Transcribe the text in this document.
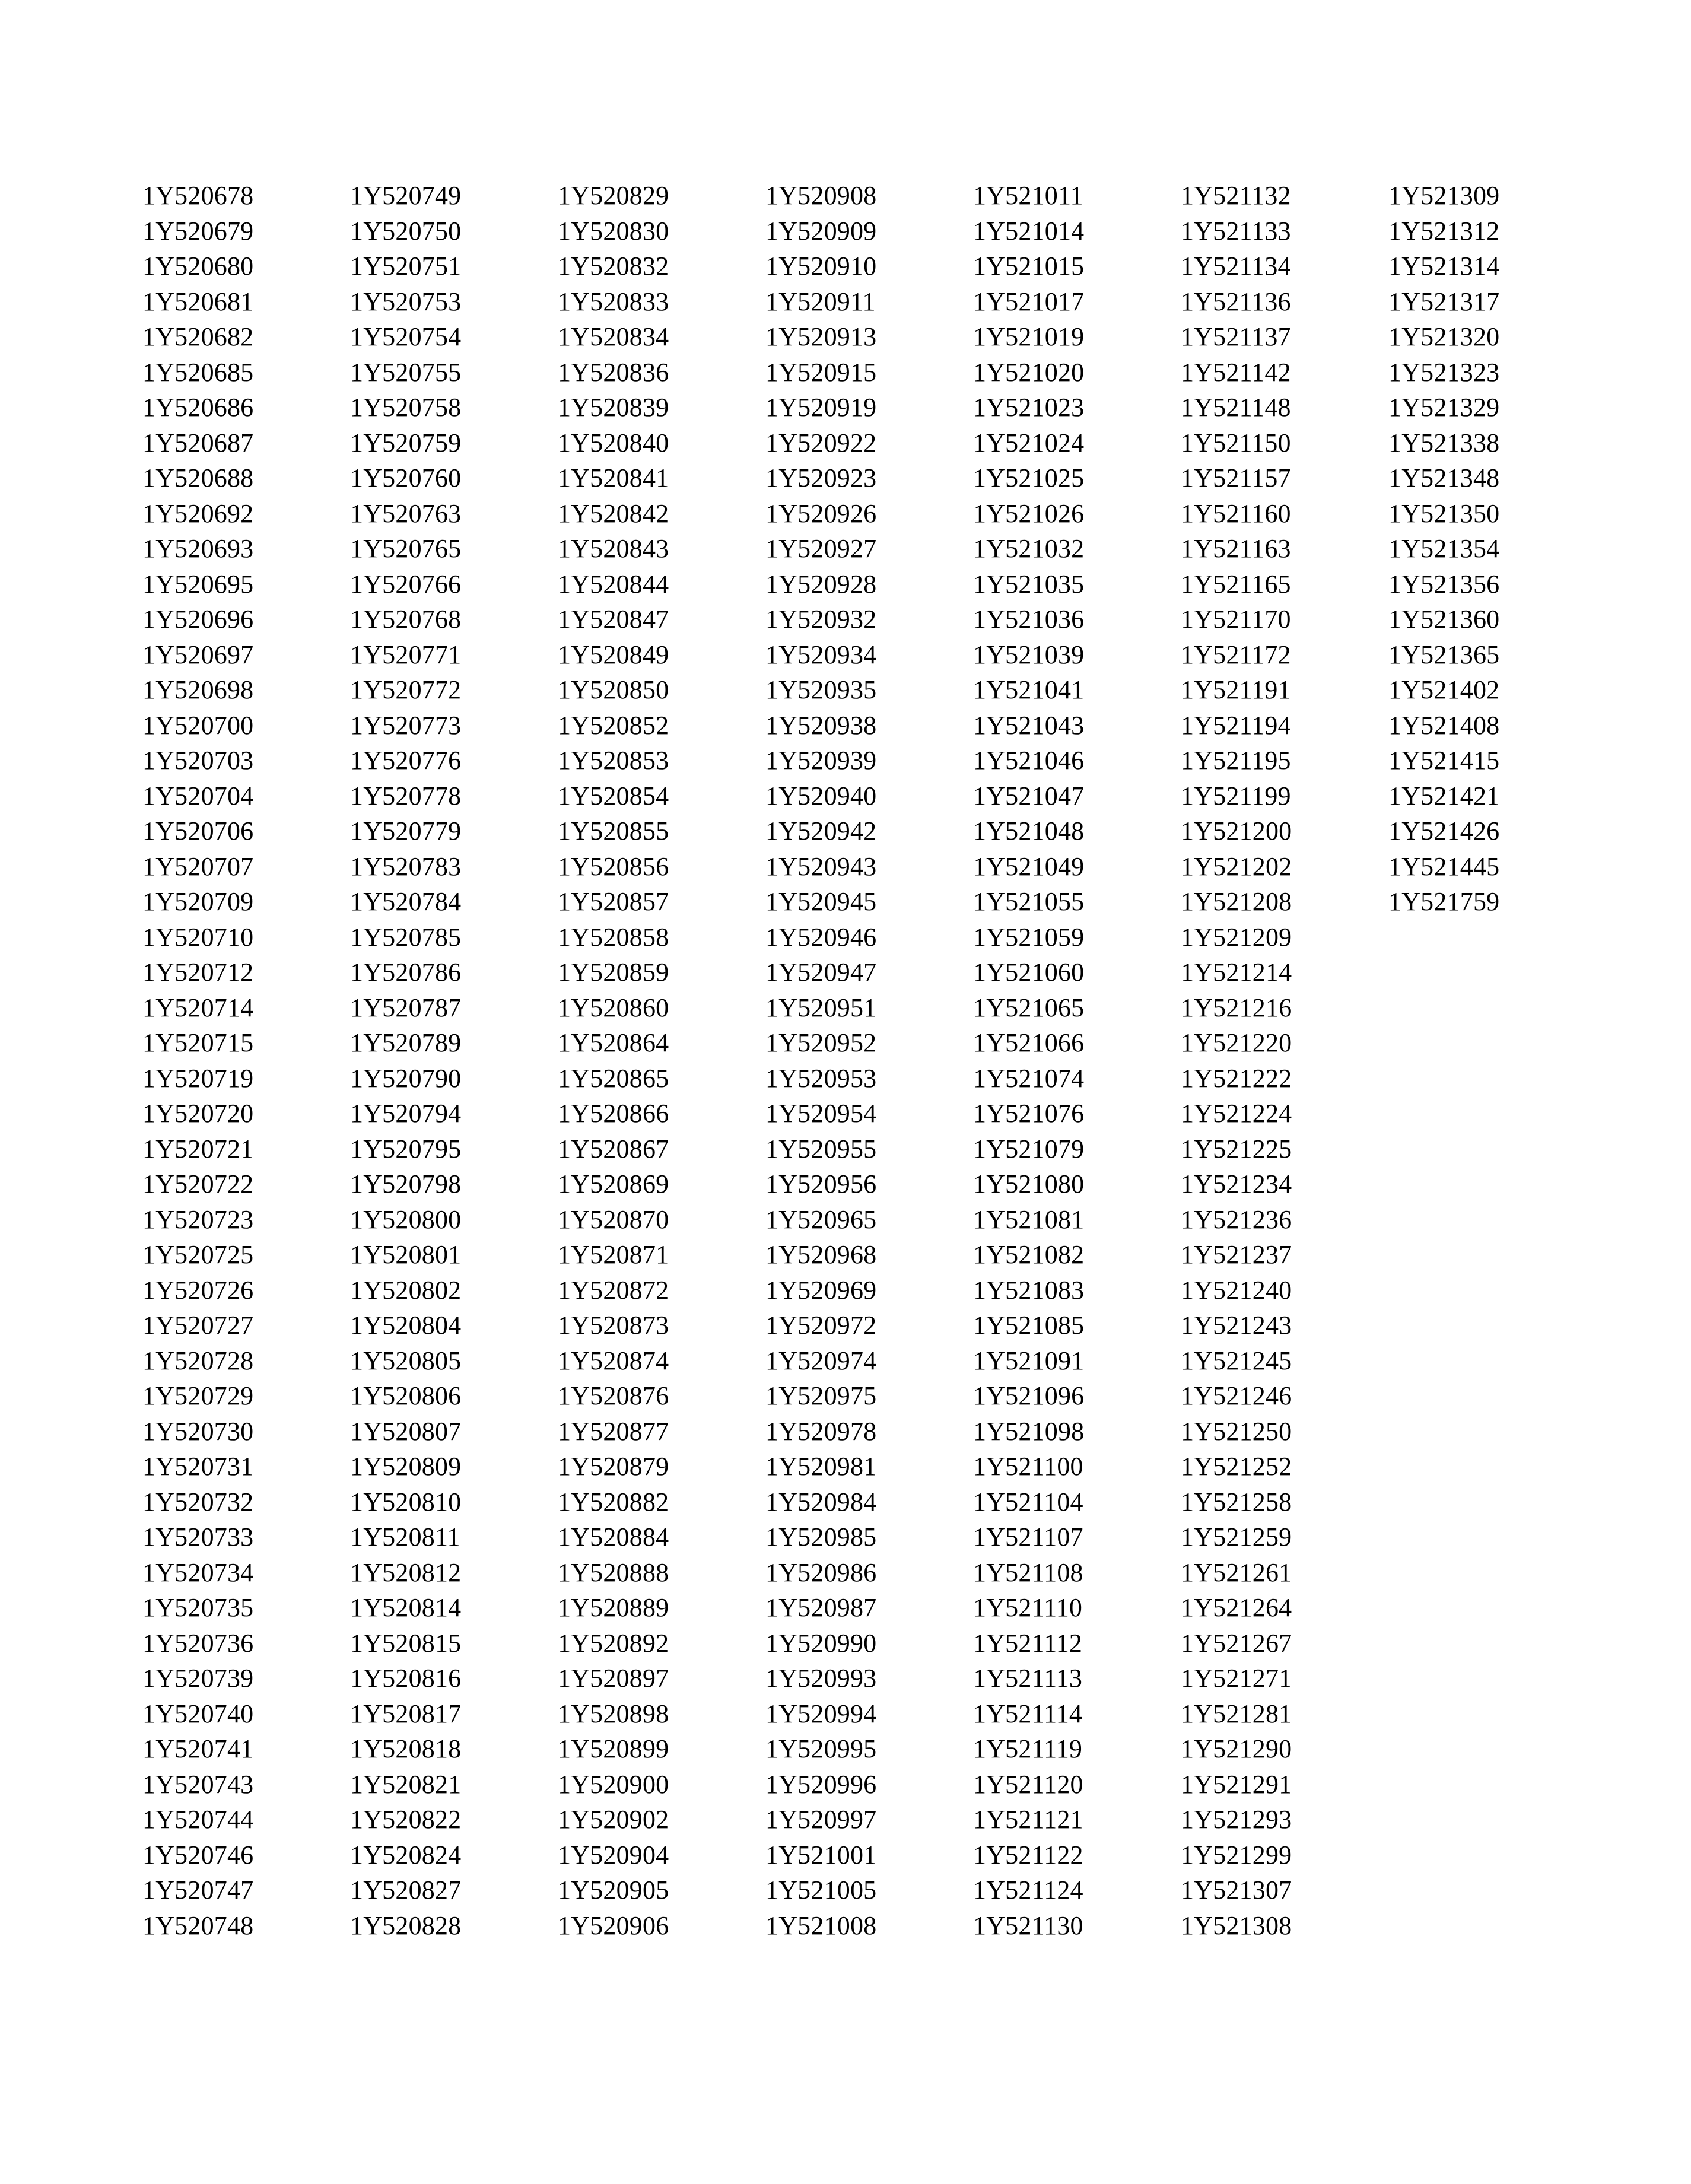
1Y520678
1Y520679
1Y520680
1Y520681
1Y520682
1Y520685
1Y520686
1Y520687
1Y520688
1Y520692
1Y520693
1Y520695
1Y520696
1Y520697
1Y520698
1Y520700
1Y520703
1Y520704
1Y520706
1Y520707
1Y520709
1Y520710
1Y520712
1Y520714
1Y520715
1Y520719
1Y520720
1Y520721
1Y520722
1Y520723
1Y520725
1Y520726
1Y520727
1Y520728
1Y520729
1Y520730
1Y520731
1Y520732
1Y520733
1Y520734
1Y520735
1Y520736
1Y520739
1Y520740
1Y520741
1Y520743
1Y520744
1Y520746
1Y520747
1Y520748
1Y520749
1Y520750
1Y520751
1Y520753
1Y520754
1Y520755
1Y520758
1Y520759
1Y520760
1Y520763
1Y520765
1Y520766
1Y520768
1Y520771
1Y520772
1Y520773
1Y520776
1Y520778
1Y520779
1Y520783
1Y520784
1Y520785
1Y520786
1Y520787
1Y520789
1Y520790
1Y520794
1Y520795
1Y520798
1Y520800
1Y520801
1Y520802
1Y520804
1Y520805
1Y520806
1Y520807
1Y520809
1Y520810
1Y520811
1Y520812
1Y520814
1Y520815
1Y520816
1Y520817
1Y520818
1Y520821
1Y520822
1Y520824
1Y520827
1Y520828
1Y520829
1Y520830
1Y520832
1Y520833
1Y520834
1Y520836
1Y520839
1Y520840
1Y520841
1Y520842
1Y520843
1Y520844
1Y520847
1Y520849
1Y520850
1Y520852
1Y520853
1Y520854
1Y520855
1Y520856
1Y520857
1Y520858
1Y520859
1Y520860
1Y520864
1Y520865
1Y520866
1Y520867
1Y520869
1Y520870
1Y520871
1Y520872
1Y520873
1Y520874
1Y520876
1Y520877
1Y520879
1Y520882
1Y520884
1Y520888
1Y520889
1Y520892
1Y520897
1Y520898
1Y520899
1Y520900
1Y520902
1Y520904
1Y520905
1Y520906
1Y520908
1Y520909
1Y520910
1Y520911
1Y520913
1Y520915
1Y520919
1Y520922
1Y520923
1Y520926
1Y520927
1Y520928
1Y520932
1Y520934
1Y520935
1Y520938
1Y520939
1Y520940
1Y520942
1Y520943
1Y520945
1Y520946
1Y520947
1Y520951
1Y520952
1Y520953
1Y520954
1Y520955
1Y520956
1Y520965
1Y520968
1Y520969
1Y520972
1Y520974
1Y520975
1Y520978
1Y520981
1Y520984
1Y520985
1Y520986
1Y520987
1Y520990
1Y520993
1Y520994
1Y520995
1Y520996
1Y520997
1Y521001
1Y521005
1Y521008
1Y521011
1Y521014
1Y521015
1Y521017
1Y521019
1Y521020
1Y521023
1Y521024
1Y521025
1Y521026
1Y521032
1Y521035
1Y521036
1Y521039
1Y521041
1Y521043
1Y521046
1Y521047
1Y521048
1Y521049
1Y521055
1Y521059
1Y521060
1Y521065
1Y521066
1Y521074
1Y521076
1Y521079
1Y521080
1Y521081
1Y521082
1Y521083
1Y521085
1Y521091
1Y521096
1Y521098
1Y521100
1Y521104
1Y521107
1Y521108
1Y521110
1Y521112
1Y521113
1Y521114
1Y521119
1Y521120
1Y521121
1Y521122
1Y521124
1Y521130
1Y521132
1Y521133
1Y521134
1Y521136
1Y521137
1Y521142
1Y521148
1Y521150
1Y521157
1Y521160
1Y521163
1Y521165
1Y521170
1Y521172
1Y521191
1Y521194
1Y521195
1Y521199
1Y521200
1Y521202
1Y521208
1Y521209
1Y521214
1Y521216
1Y521220
1Y521222
1Y521224
1Y521225
1Y521234
1Y521236
1Y521237
1Y521240
1Y521243
1Y521245
1Y521246
1Y521250
1Y521252
1Y521258
1Y521259
1Y521261
1Y521264
1Y521267
1Y521271
1Y521281
1Y521290
1Y521291
1Y521293
1Y521299
1Y521307
1Y521308
1Y521309
1Y521312
1Y521314
1Y521317
1Y521320
1Y521323
1Y521329
1Y521338
1Y521348
1Y521350
1Y521354
1Y521356
1Y521360
1Y521365
1Y521402
1Y521408
1Y521415
1Y521421
1Y521426
1Y521445
1Y521759
